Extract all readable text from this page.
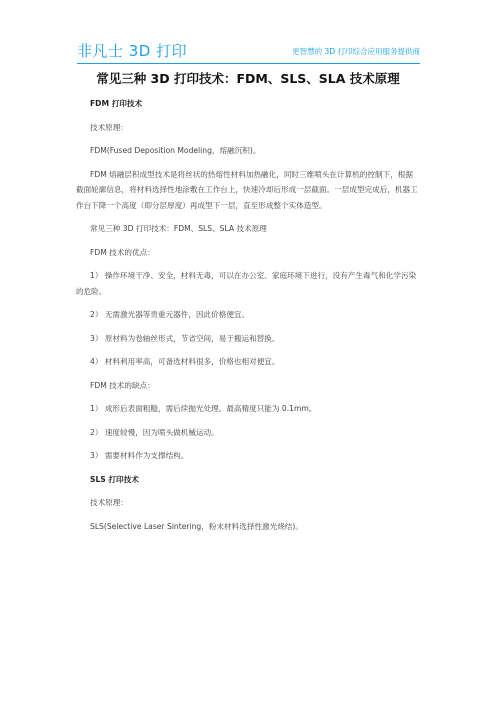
非凡士 3D 打印	更智慧的 3D 打印综合应用服务提供商
常见三种 3D 打印技术：FDM、SLS、SLA 技术原理

FDM 打印技术

技术原理：

FDM(Fused Deposition Modeling，熔融沉积)。

FDM 熔融层积成型技术是将丝状的热熔性材料加热融化，同时三维喷头在计算机的控制下，根据截面轮廓信息，将材料选择性地涂敷在工作台上，快速冷却后形成一层截面。一层成型完成后，机器工作台下降一个高度（即分层厚度）再成型下一层，直至形成整个实体造型。

常见三种 3D 打印技术：FDM、SLS、SLA 技术原理

FDM 技术的优点：

1） 操作环境干净、安全，材料无毒，可以在办公室、家庭环境下进行，没有产生毒气和化学污染的危险。

2） 无需激光器等贵重元器件，因此价格便宜。

3） 原材料为卷轴丝形式，节省空间，易于搬运和替换。

4） 材料利用率高，可备选材料很多，价格也相对便宜。

FDM 技术的缺点：

1） 成形后表面粗糙，需后续抛光处理。最高精度只能为 0.1mm。

2） 速度较慢，因为喷头做机械运动。

3） 需要材料作为支撑结构。

SLS 打印技术

技术原理：

SLS(Selective Laser Sintering，粉末材料选择性激光烧结)。
